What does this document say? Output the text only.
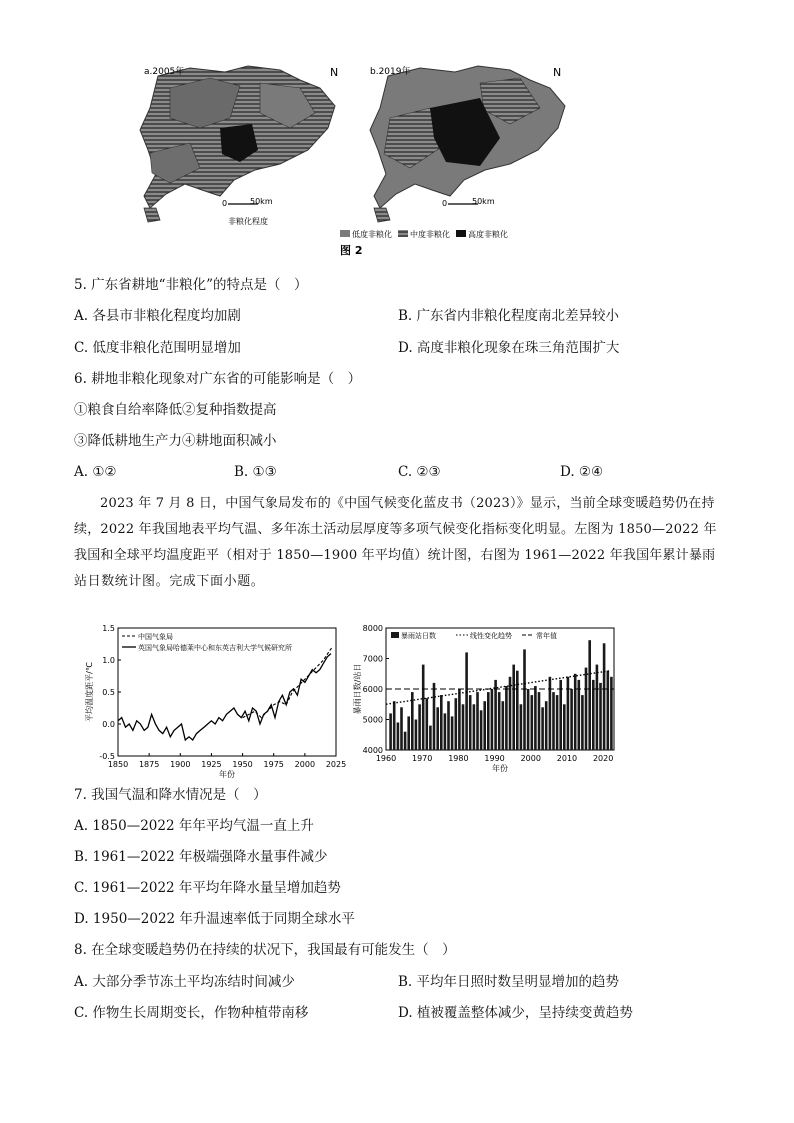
a.2005年	N
0	50km
非粮化程度
b.2019年	N
0	50km
低度非粮化 中度非粮化 高度非粮化
图 2
5. 广东省耕地“非粮化”的特点是（　）
A. 各县市非粮化程度均加剧	B. 广东省内非粮化程度南北差异较小
C. 低度非粮化范围明显增加	D. 高度非粮化现象在珠三角范围扩大
6. 耕地非粮化现象对广东省的可能影响是（　）
①粮食自给率降低②复种指数提高
③降低耕地生产力④耕地面积减小
A. ①②	B. ①③	C. ②③	D. ②④
2023 年 7 月 8 日，中国气象局发布的《中国气候变化蓝皮书（2023）》显示，当前全球变暖趋势仍在持
续，2022 年我国地表平均气温、多年冻土活动层厚度等多项气候变化指标变化明显。左图为 1850—2022 年
我国和全球平均温度距平（相对于 1850—1900 年平均值）统计图，右图为 1961—2022 年我国年累计暴雨
站日数统计图。完成下面小题。
-0.5
0.0
0.5
1.0
1.5
1850 1875 1900 1925 1950 1975 2000 2025
年份
平均温度距平/℃
中国气象局
英国气象局哈德莱中心和东英吉利大学气候研究所
4000
5000
6000
7000
8000
1960 1970 1980 1990 2000 2010 2020
年份
暴雨日数/站日
暴雨站日数	线性变化趋势	常年值
7. 我国气温和降水情况是（　）
A. 1850—2022 年年平均气温一直上升
B. 1961—2022 年极端强降水量事件减少
C. 1961—2022 年平均年降水量呈增加趋势
D. 1950—2022 年升温速率低于同期全球水平
8. 在全球变暖趋势仍在持续的状况下，我国最有可能发生（　）
A. 大部分季节冻土平均冻结时间减少	B. 平均年日照时数呈明显增加的趋势
C. 作物生长周期变长，作物种植带南移	D. 植被覆盖整体减少，呈持续变黄趋势
